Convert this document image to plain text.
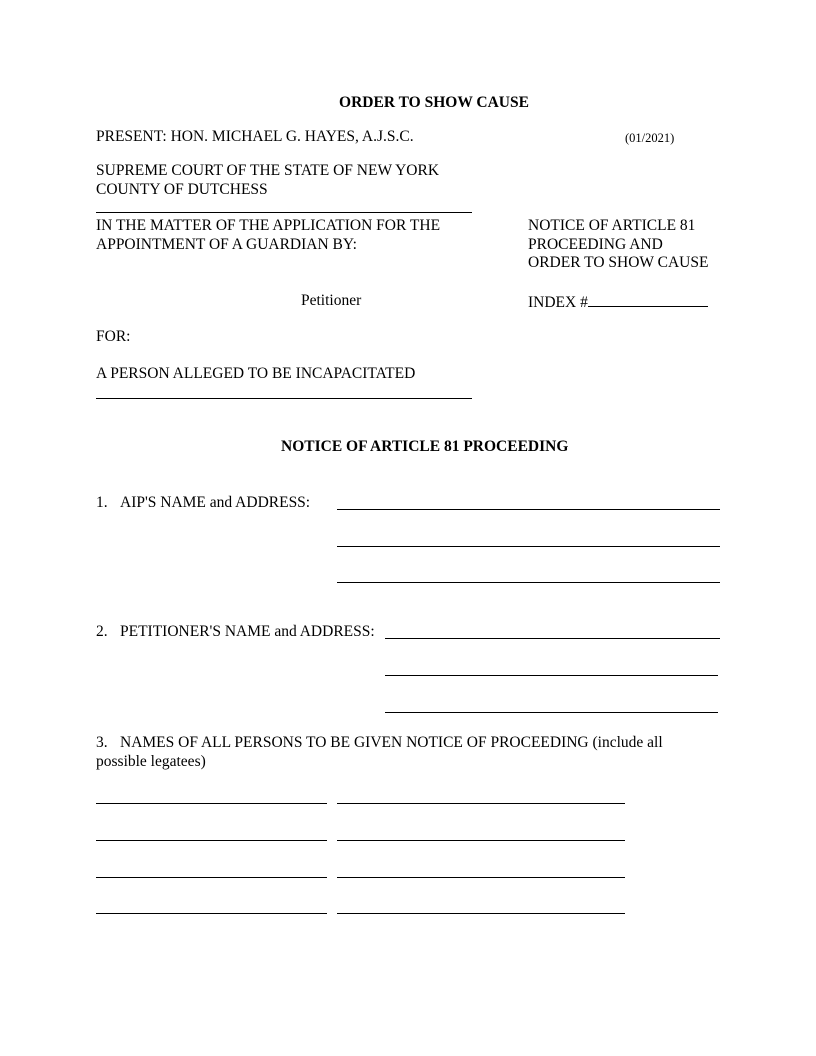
ORDER TO SHOW CAUSE
PRESENT: HON. MICHAEL G. HAYES, A.J.S.C.	(01/2021)
SUPREME COURT OF THE STATE OF NEW YORK
COUNTY OF DUTCHESS
IN THE MATTER OF THE APPLICATION FOR THE
APPOINTMENT OF A GUARDIAN BY:
NOTICE OF ARTICLE 81
PROCEEDING AND
ORDER TO SHOW CAUSE
Petitioner	INDEX #
FOR:
A PERSON ALLEGED TO BE INCAPACITATED
NOTICE OF ARTICLE 81 PROCEEDING
1. AIP'S NAME and ADDRESS:
2. PETITIONER'S NAME and ADDRESS:
3. NAMES OF ALL PERSONS TO BE GIVEN NOTICE OF PROCEEDING (include all
possible legatees)
